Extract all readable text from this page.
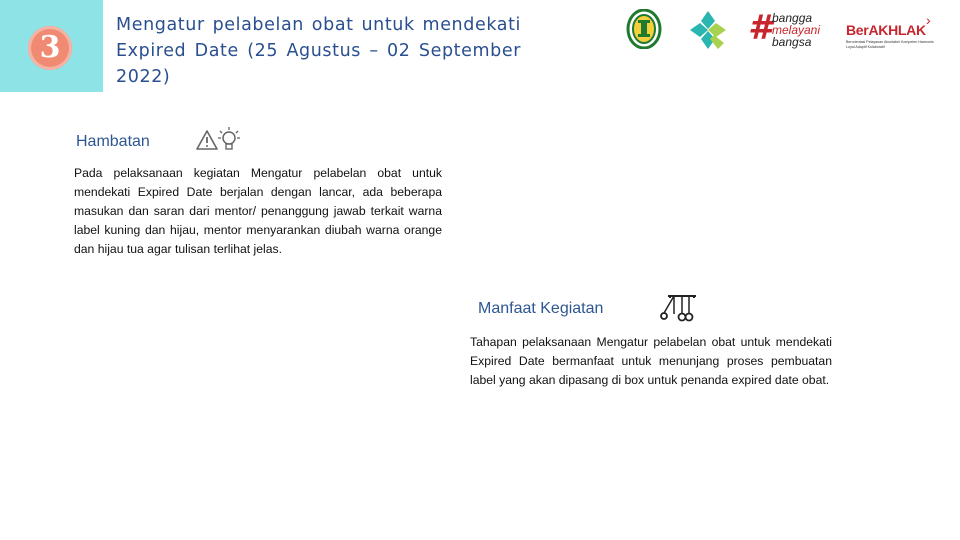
3
Mengatur pelabelan obat untuk mendekati Expired Date (25 Agustus – 02 September 2022)
# bangga
melayani
bangsa
BerAKHLAK
›
Berorientasi Pelayanan Akuntabel Kompeten Harmonis Loyal Adaptif Kolaboratif
Hambatan
Pada pelaksanaan kegiatan Mengatur pelabelan obat untuk mendekati Expired Date berjalan dengan lancar, ada beberapa masukan dan saran dari mentor/ penanggung jawab terkait warna label kuning dan hijau, mentor menyarankan diubah warna orange dan hijau tua agar tulisan terlihat jelas.
Manfaat Kegiatan
Tahapan pelaksanaan Mengatur pelabelan obat untuk mendekati Expired Date bermanfaat untuk menunjang proses pembuatan label yang akan dipasang di box untuk penanda expired date obat.
